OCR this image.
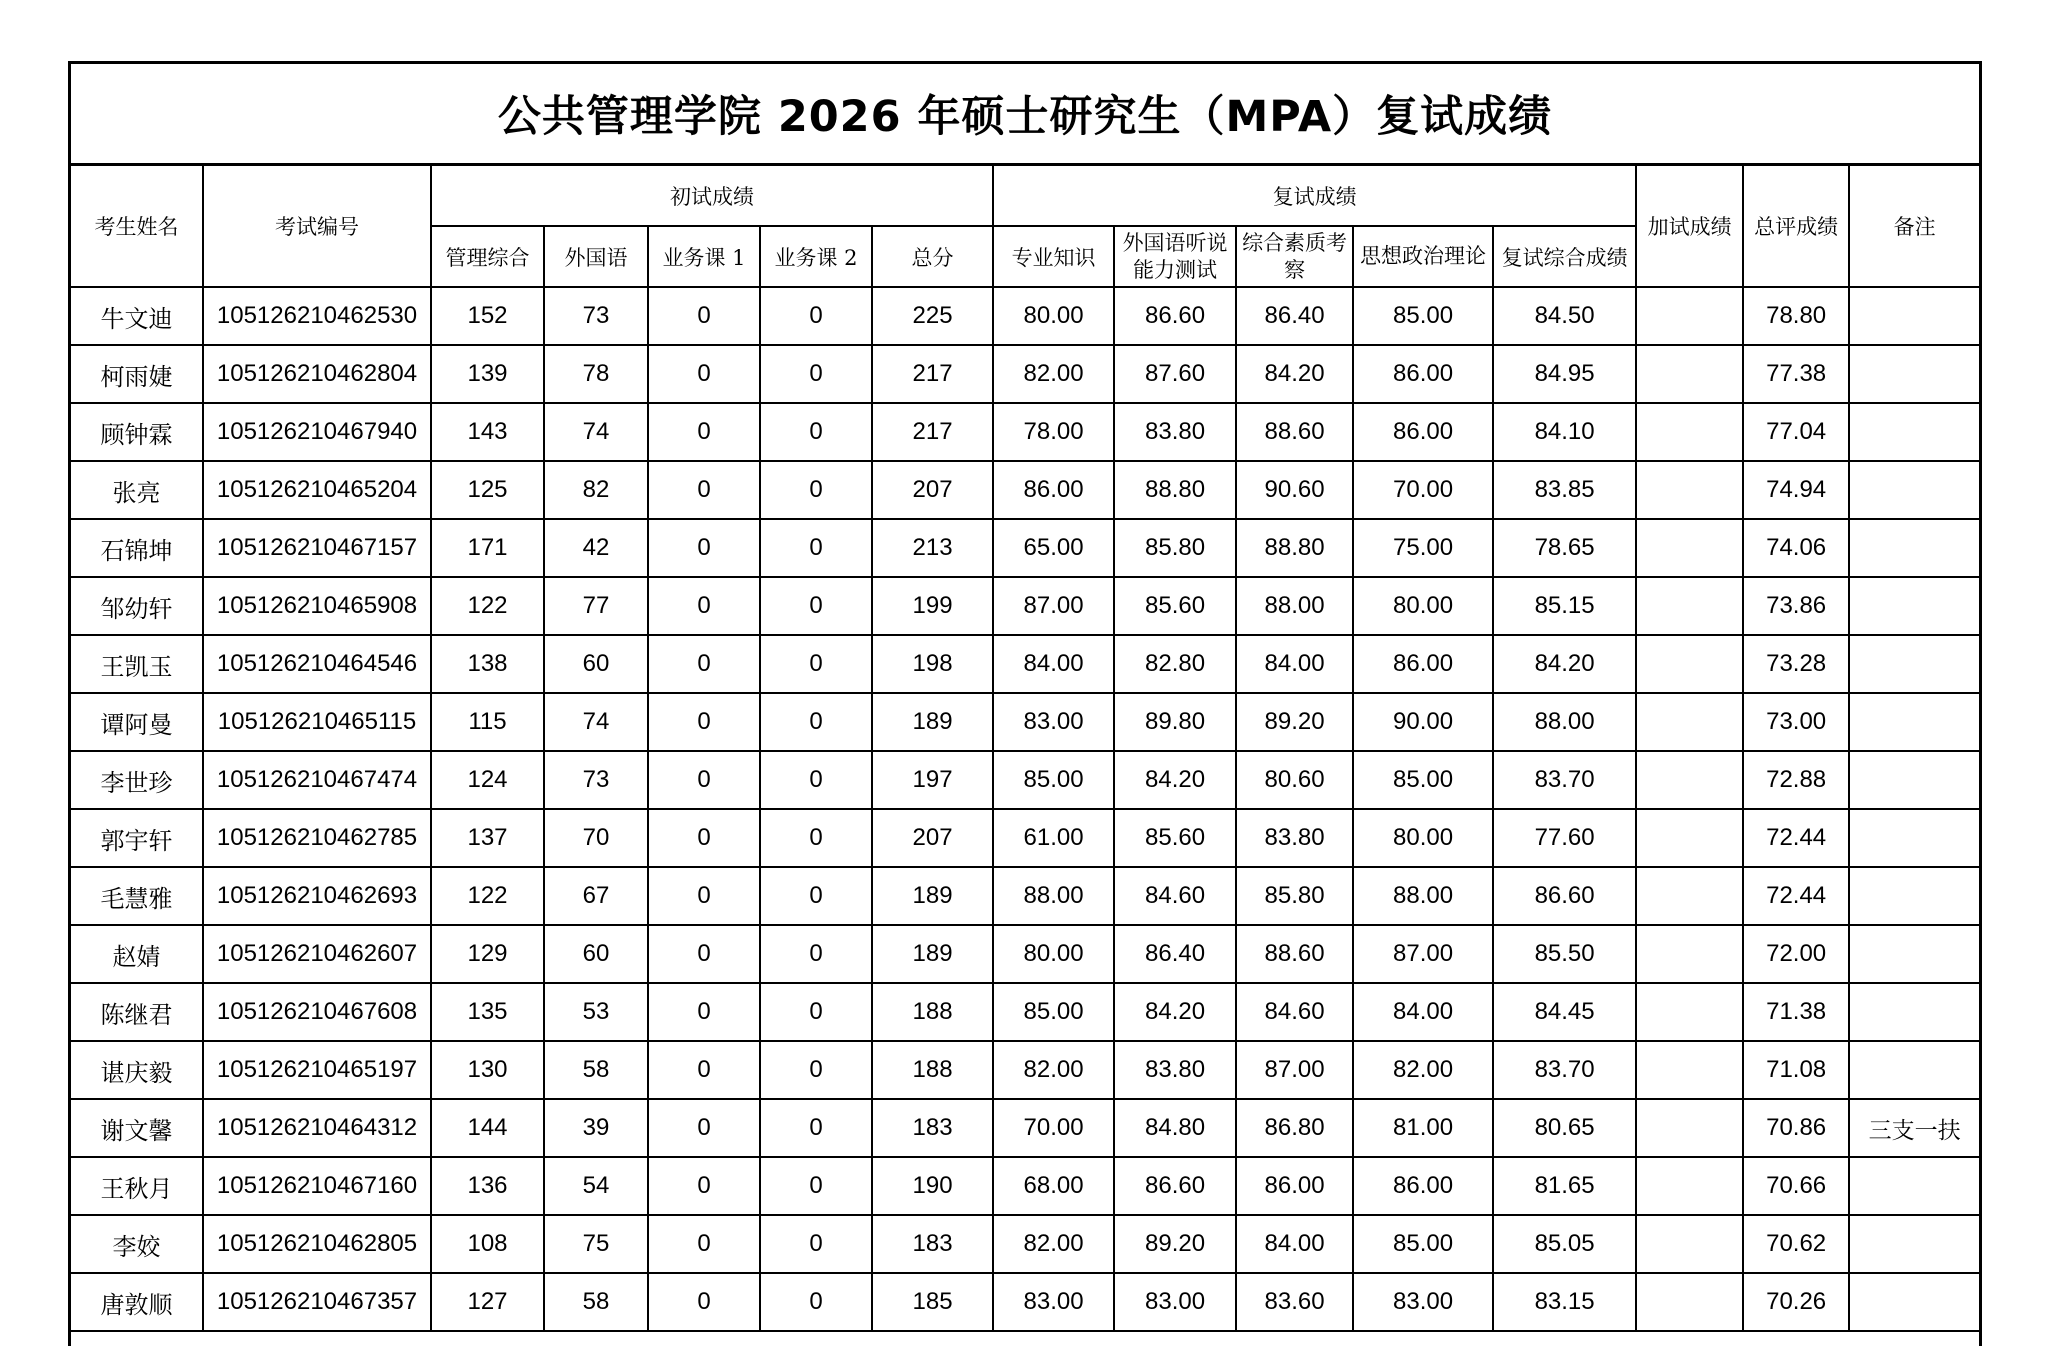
公共管理学院 2026 年硕士研究生（MPA）复试成绩
考生姓名	考试编号	初试成绩					复试成绩					加试成绩	总评成绩	备注
		管理综合	外国语	业务课 1	业务课 2	总分	专业知识	外国语听说能力测试	综合素质考察	思想政治理论	复试综合成绩			
牛文迪	105126210462530	152	73	0	0	225	80.00	86.60	86.40	85.00	84.50		78.80	
柯雨婕	105126210462804	139	78	0	0	217	82.00	87.60	84.20	86.00	84.95		77.38	
顾钟霖	105126210467940	143	74	0	0	217	78.00	83.80	88.60	86.00	84.10		77.04	
张亮	105126210465204	125	82	0	0	207	86.00	88.80	90.60	70.00	83.85		74.94	
石锦坤	105126210467157	171	42	0	0	213	65.00	85.80	88.80	75.00	78.65		74.06	
邹幼轩	105126210465908	122	77	0	0	199	87.00	85.60	88.00	80.00	85.15		73.86	
王凯玉	105126210464546	138	60	0	0	198	84.00	82.80	84.00	86.00	84.20		73.28	
谭阿曼	105126210465115	115	74	0	0	189	83.00	89.80	89.20	90.00	88.00		73.00	
李世珍	105126210467474	124	73	0	0	197	85.00	84.20	80.60	85.00	83.70		72.88	
郭宇轩	105126210462785	137	70	0	0	207	61.00	85.60	83.80	80.00	77.60		72.44	
毛慧雅	105126210462693	122	67	0	0	189	88.00	84.60	85.80	88.00	86.60		72.44	
赵婧	105126210462607	129	60	0	0	189	80.00	86.40	88.60	87.00	85.50		72.00	
陈继君	105126210467608	135	53	0	0	188	85.00	84.20	84.60	84.00	84.45		71.38	
谌庆毅	105126210465197	130	58	0	0	188	82.00	83.80	87.00	82.00	83.70		71.08	
谢文馨	105126210464312	144	39	0	0	183	70.00	84.80	86.80	81.00	80.65		70.86	三支一扶
王秋月	105126210467160	136	54	0	0	190	68.00	86.60	86.00	86.00	81.65		70.66	
李姣	105126210462805	108	75	0	0	183	82.00	89.20	84.00	85.00	85.05		70.62	
唐敦顺	105126210467357	127	58	0	0	185	83.00	83.00	83.60	83.00	83.15		70.26	
